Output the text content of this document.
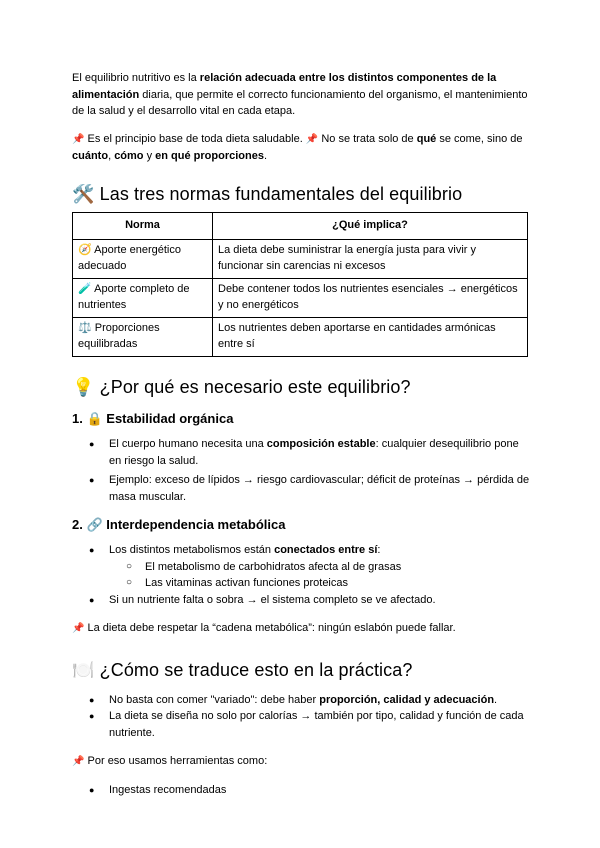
El equilibrio nutritivo es la relación adecuada entre los distintos componentes de la alimentación diaria, que permite el correcto funcionamiento del organismo, el mantenimiento de la salud y el desarrollo vital en cada etapa.

📌 Es el principio base de toda dieta saludable. 📌 No se trata solo de qué se come, sino de cuánto, cómo y en qué proporciones.

🛠️ Las tres normas fundamentales del equilibrio
Norma	¿Qué implica?
🧭 Aporte energético adecuado	La dieta debe suministrar la energía justa para vivir y funcionar sin carencias ni excesos
🧪 Aporte completo de nutrientes	Debe contener todos los nutrientes esenciales → energéticos y no energéticos
⚖️ Proporciones equilibradas	Los nutrientes deben aportarse en cantidades armónicas entre sí
💡 ¿Por qué es necesario este equilibrio?
1. 🔒 Estabilidad orgánica
● El cuerpo humano necesita una composición estable: cualquier desequilibrio pone en riesgo la salud.
● Ejemplo: exceso de lípidos → riesgo cardiovascular; déficit de proteínas → pérdida de masa muscular.
2. 🔗 Interdependencia metabólica
● Los distintos metabolismos están conectados entre sí:
○ El metabolismo de carbohidratos afecta al de grasas
○ Las vitaminas activan funciones proteicas
● Si un nutriente falta o sobra → el sistema completo se ve afectado.

📌 La dieta debe respetar la “cadena metabólica”: ningún eslabón puede fallar.

🍽️ ¿Cómo se traduce esto en la práctica?
● No basta con comer "variado": debe haber proporción, calidad y adecuación.
● La dieta se diseña no solo por calorías → también por tipo, calidad y función de cada nutriente.

📌 Por eso usamos herramientas como:

● Ingestas recomendadas
